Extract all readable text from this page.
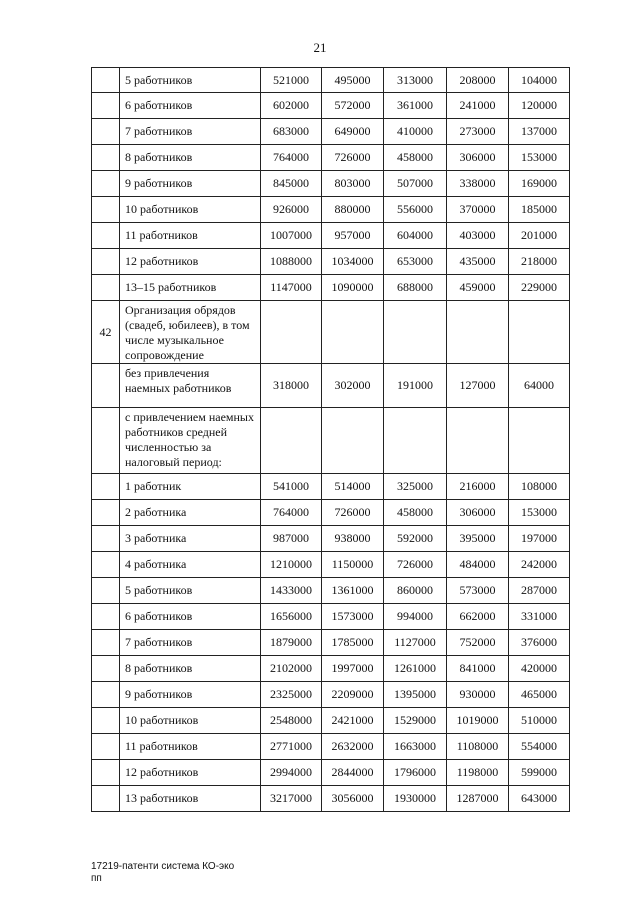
21
	5 работников	521000	495000	313000	208000	104000
	6 работников	602000	572000	361000	241000	120000
	7 работников	683000	649000	410000	273000	137000
	8 работников	764000	726000	458000	306000	153000
	9 работников	845000	803000	507000	338000	169000
	10 работников	926000	880000	556000	370000	185000
	11 работников	1007000	957000	604000	403000	201000
	12 работников	1088000	1034000	653000	435000	218000
	13–15 работников	1147000	1090000	688000	459000	229000
42	Организация обрядов (свадеб, юбилеев), в том числе музыкальное сопровождение					
	без привлечения наемных работников	318000	302000	191000	127000	64000
	с привлечением наемных работников средней численностью за налоговый период:					
	1 работник	541000	514000	325000	216000	108000
	2 работника	764000	726000	458000	306000	153000
	3 работника	987000	938000	592000	395000	197000
	4 работника	1210000	1150000	726000	484000	242000
	5 работников	1433000	1361000	860000	573000	287000
	6 работников	1656000	1573000	994000	662000	331000
	7 работников	1879000	1785000	1127000	752000	376000
	8 работников	2102000	1997000	1261000	841000	420000
	9 работников	2325000	2209000	1395000	930000	465000
	10 работников	2548000	2421000	1529000	1019000	510000
	11 работников	2771000	2632000	1663000	1108000	554000
	12 работников	2994000	2844000	1796000	1198000	599000
	13 работников	3217000	3056000	1930000	1287000	643000
17219-патенти система КО-эко
пп
